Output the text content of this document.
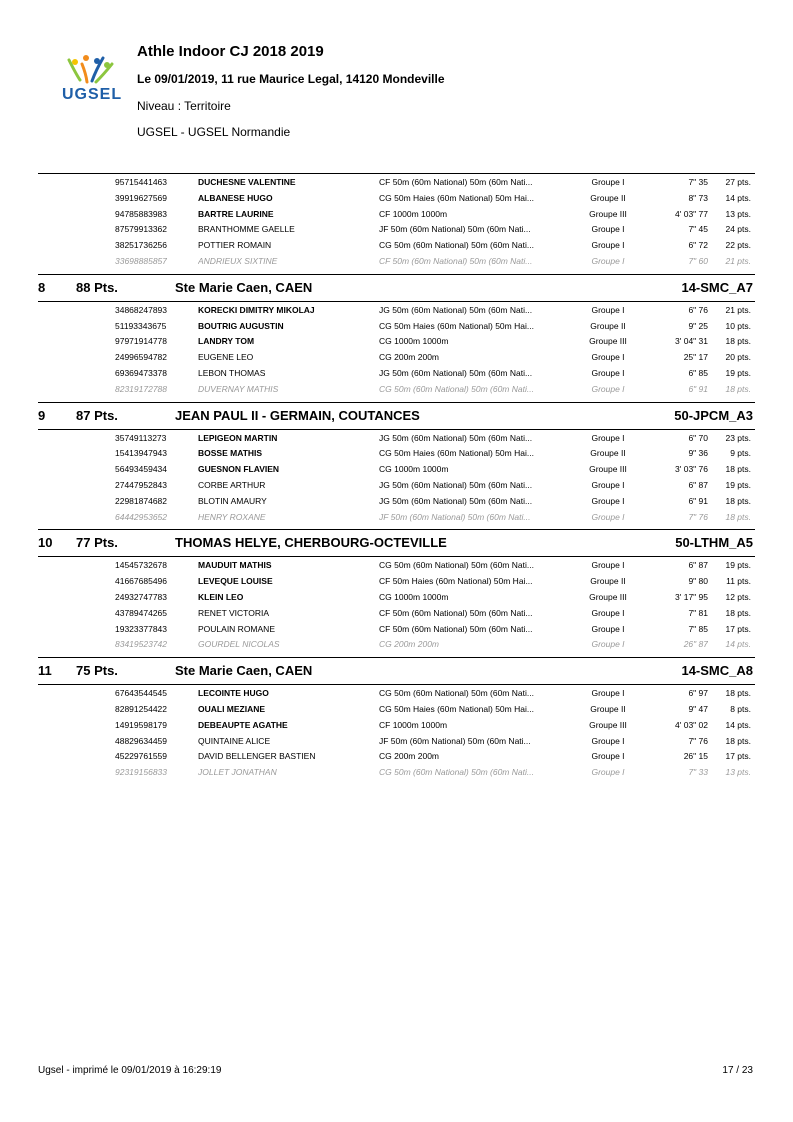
UGSEL
Athle Indoor CJ 2018 2019
Le 09/01/2019, 11 rue Maurice Legal, 14120 Mondeville
Niveau : Territoire
UGSEL - UGSEL Normandie
95715441463	DUCHESNE VALENTINE	CF 50m (60m National) 50m (60m Nati...	Groupe I	7" 35	27 pts.
39919627569	ALBANESE HUGO	CG 50m Haies (60m National) 50m Hai...	Groupe II	8" 73	14 pts.
94785883983	BARTRE LAURINE	CF 1000m 1000m	Groupe III	4' 03" 77	13 pts.
87579913362	BRANTHOMME GAELLE	JF 50m (60m National) 50m (60m Nati...	Groupe I	7" 45	24 pts.
38251736256	POTTIER ROMAIN	CG 50m (60m National) 50m (60m Nati...	Groupe I	6" 72	22 pts.
33698885857	ANDRIEUX SIXTINE	CF 50m (60m National) 50m (60m Nati...	Groupe I	7" 60	21 pts.
8 88 Pts.	Ste Marie Caen, CAEN	14-SMC_A7
34868247893	KORECKI DIMITRY MIKOLAJ	JG 50m (60m National) 50m (60m Nati...	Groupe I	6" 76	21 pts.
51193343675	BOUTRIG AUGUSTIN	CG 50m Haies (60m National) 50m Hai...	Groupe II	9" 25	10 pts.
97971914778	LANDRY TOM	CG 1000m 1000m	Groupe III	3' 04" 31	18 pts.
24996594782	EUGENE LEO	CG 200m 200m	Groupe I	25" 17	20 pts.
69369473378	LEBON THOMAS	JG 50m (60m National) 50m (60m Nati...	Groupe I	6" 85	19 pts.
82319172788	DUVERNAY MATHIS	CG 50m (60m National) 50m (60m Nati...	Groupe I	6" 91	18 pts.
9 87 Pts.	JEAN PAUL II - GERMAIN, COUTANCES	50-JPCM_A3
35749113273	LEPIGEON MARTIN	JG 50m (60m National) 50m (60m Nati...	Groupe I	6" 70	23 pts.
15413947943	BOSSE MATHIS	CG 50m Haies (60m National) 50m Hai...	Groupe II	9" 36	9 pts.
56493459434	GUESNON FLAVIEN	CG 1000m 1000m	Groupe III	3' 03" 76	18 pts.
27447952843	CORBE ARTHUR	JG 50m (60m National) 50m (60m Nati...	Groupe I	6" 87	19 pts.
22981874682	BLOTIN AMAURY	JG 50m (60m National) 50m (60m Nati...	Groupe I	6" 91	18 pts.
64442953652	HENRY ROXANE	JF 50m (60m National) 50m (60m Nati...	Groupe I	7" 76	18 pts.
10 77 Pts.	THOMAS HELYE, CHERBOURG-OCTEVILLE	50-LTHM_A5
14545732678	MAUDUIT MATHIS	CG 50m (60m National) 50m (60m Nati...	Groupe I	6" 87	19 pts.
41667685496	LEVEQUE LOUISE	CF 50m Haies (60m National) 50m Hai...	Groupe II	9" 80	11 pts.
24932747783	KLEIN LEO	CG 1000m 1000m	Groupe III	3' 17" 95	12 pts.
43789474265	RENET VICTORIA	CF 50m (60m National) 50m (60m Nati...	Groupe I	7" 81	18 pts.
19323377843	POULAIN ROMANE	CF 50m (60m National) 50m (60m Nati...	Groupe I	7" 85	17 pts.
83419523742	GOURDEL NICOLAS	CG 200m 200m	Groupe I	26" 87	14 pts.
11 75 Pts.	Ste Marie Caen, CAEN	14-SMC_A8
67643544545	LECOINTE HUGO	CG 50m (60m National) 50m (60m Nati...	Groupe I	6" 97	18 pts.
82891254422	OUALI MEZIANE	CG 50m Haies (60m National) 50m Hai...	Groupe II	9" 47	8 pts.
14919598179	DEBEAUPTE AGATHE	CF 1000m 1000m	Groupe III	4' 03" 02	14 pts.
48829634459	QUINTAINE ALICE	JF 50m (60m National) 50m (60m Nati...	Groupe I	7" 76	18 pts.
45229761559	DAVID BELLENGER BASTIEN	CG 200m 200m	Groupe I	26" 15	17 pts.
92319156833	JOLLET JONATHAN	CG 50m (60m National) 50m (60m Nati...	Groupe I	7" 33	13 pts.
Ugsel - imprimé le 09/01/2019 à 16:29:19	17 / 23
